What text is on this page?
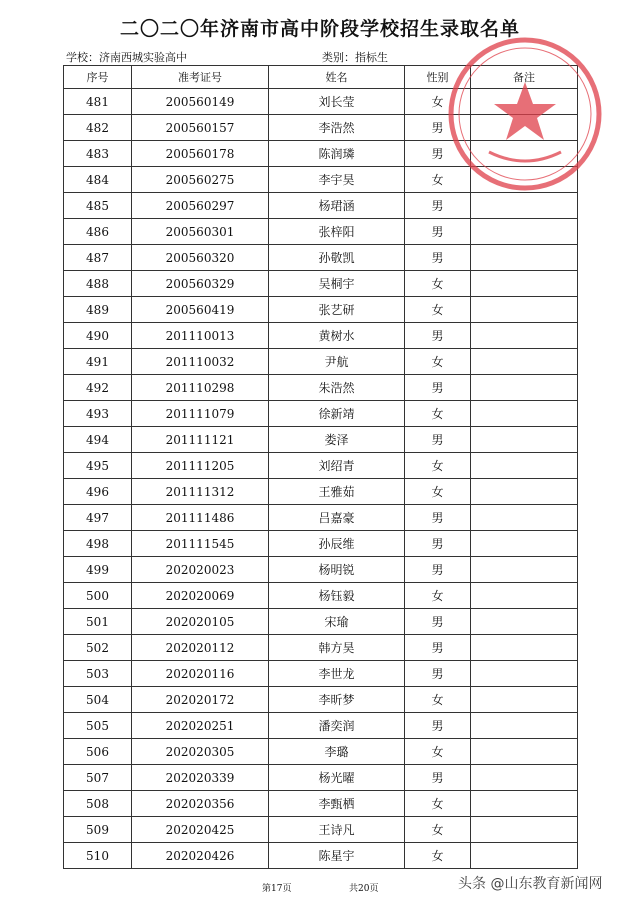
二〇二〇年济南市高中阶段学校招生录取名单
学校：济南西城实验高中	类别：指标生
序号	准考证号	姓名	性别	备注
481	200560149	刘长莹	女	
482	200560157	李浩然	男	
483	200560178	陈润璘	男	
484	200560275	李宇昊	女	
485	200560297	杨珺涵	男	
486	200560301	张梓阳	男	
487	200560320	孙敬凯	男	
488	200560329	吴桐宇	女	
489	200560419	张艺研	女	
490	201110013	黄树水	男	
491	201110032	尹航	女	
492	201110298	朱浩然	男	
493	201111079	徐新靖	女	
494	201111121	娄泽	男	
495	201111205	刘绍青	女	
496	201111312	王雅茹	女	
497	201111486	吕嘉豪	男	
498	201111545	孙辰维	男	
499	202020023	杨明锐	男	
500	202020069	杨钰毅	女	
501	202020105	宋瑜	男	
502	202020112	韩方昊	男	
503	202020116	李世龙	男	
504	202020172	李昕梦	女	
505	202020251	潘奕润	男	
506	202020305	李璐	女	
507	202020339	杨光曜	男	
508	202020356	李甄栖	女	
509	202020425	王诗凡	女	
510	202020426	陈星宇	女	
第17页	共20页	头条 @山东教育新闻网
